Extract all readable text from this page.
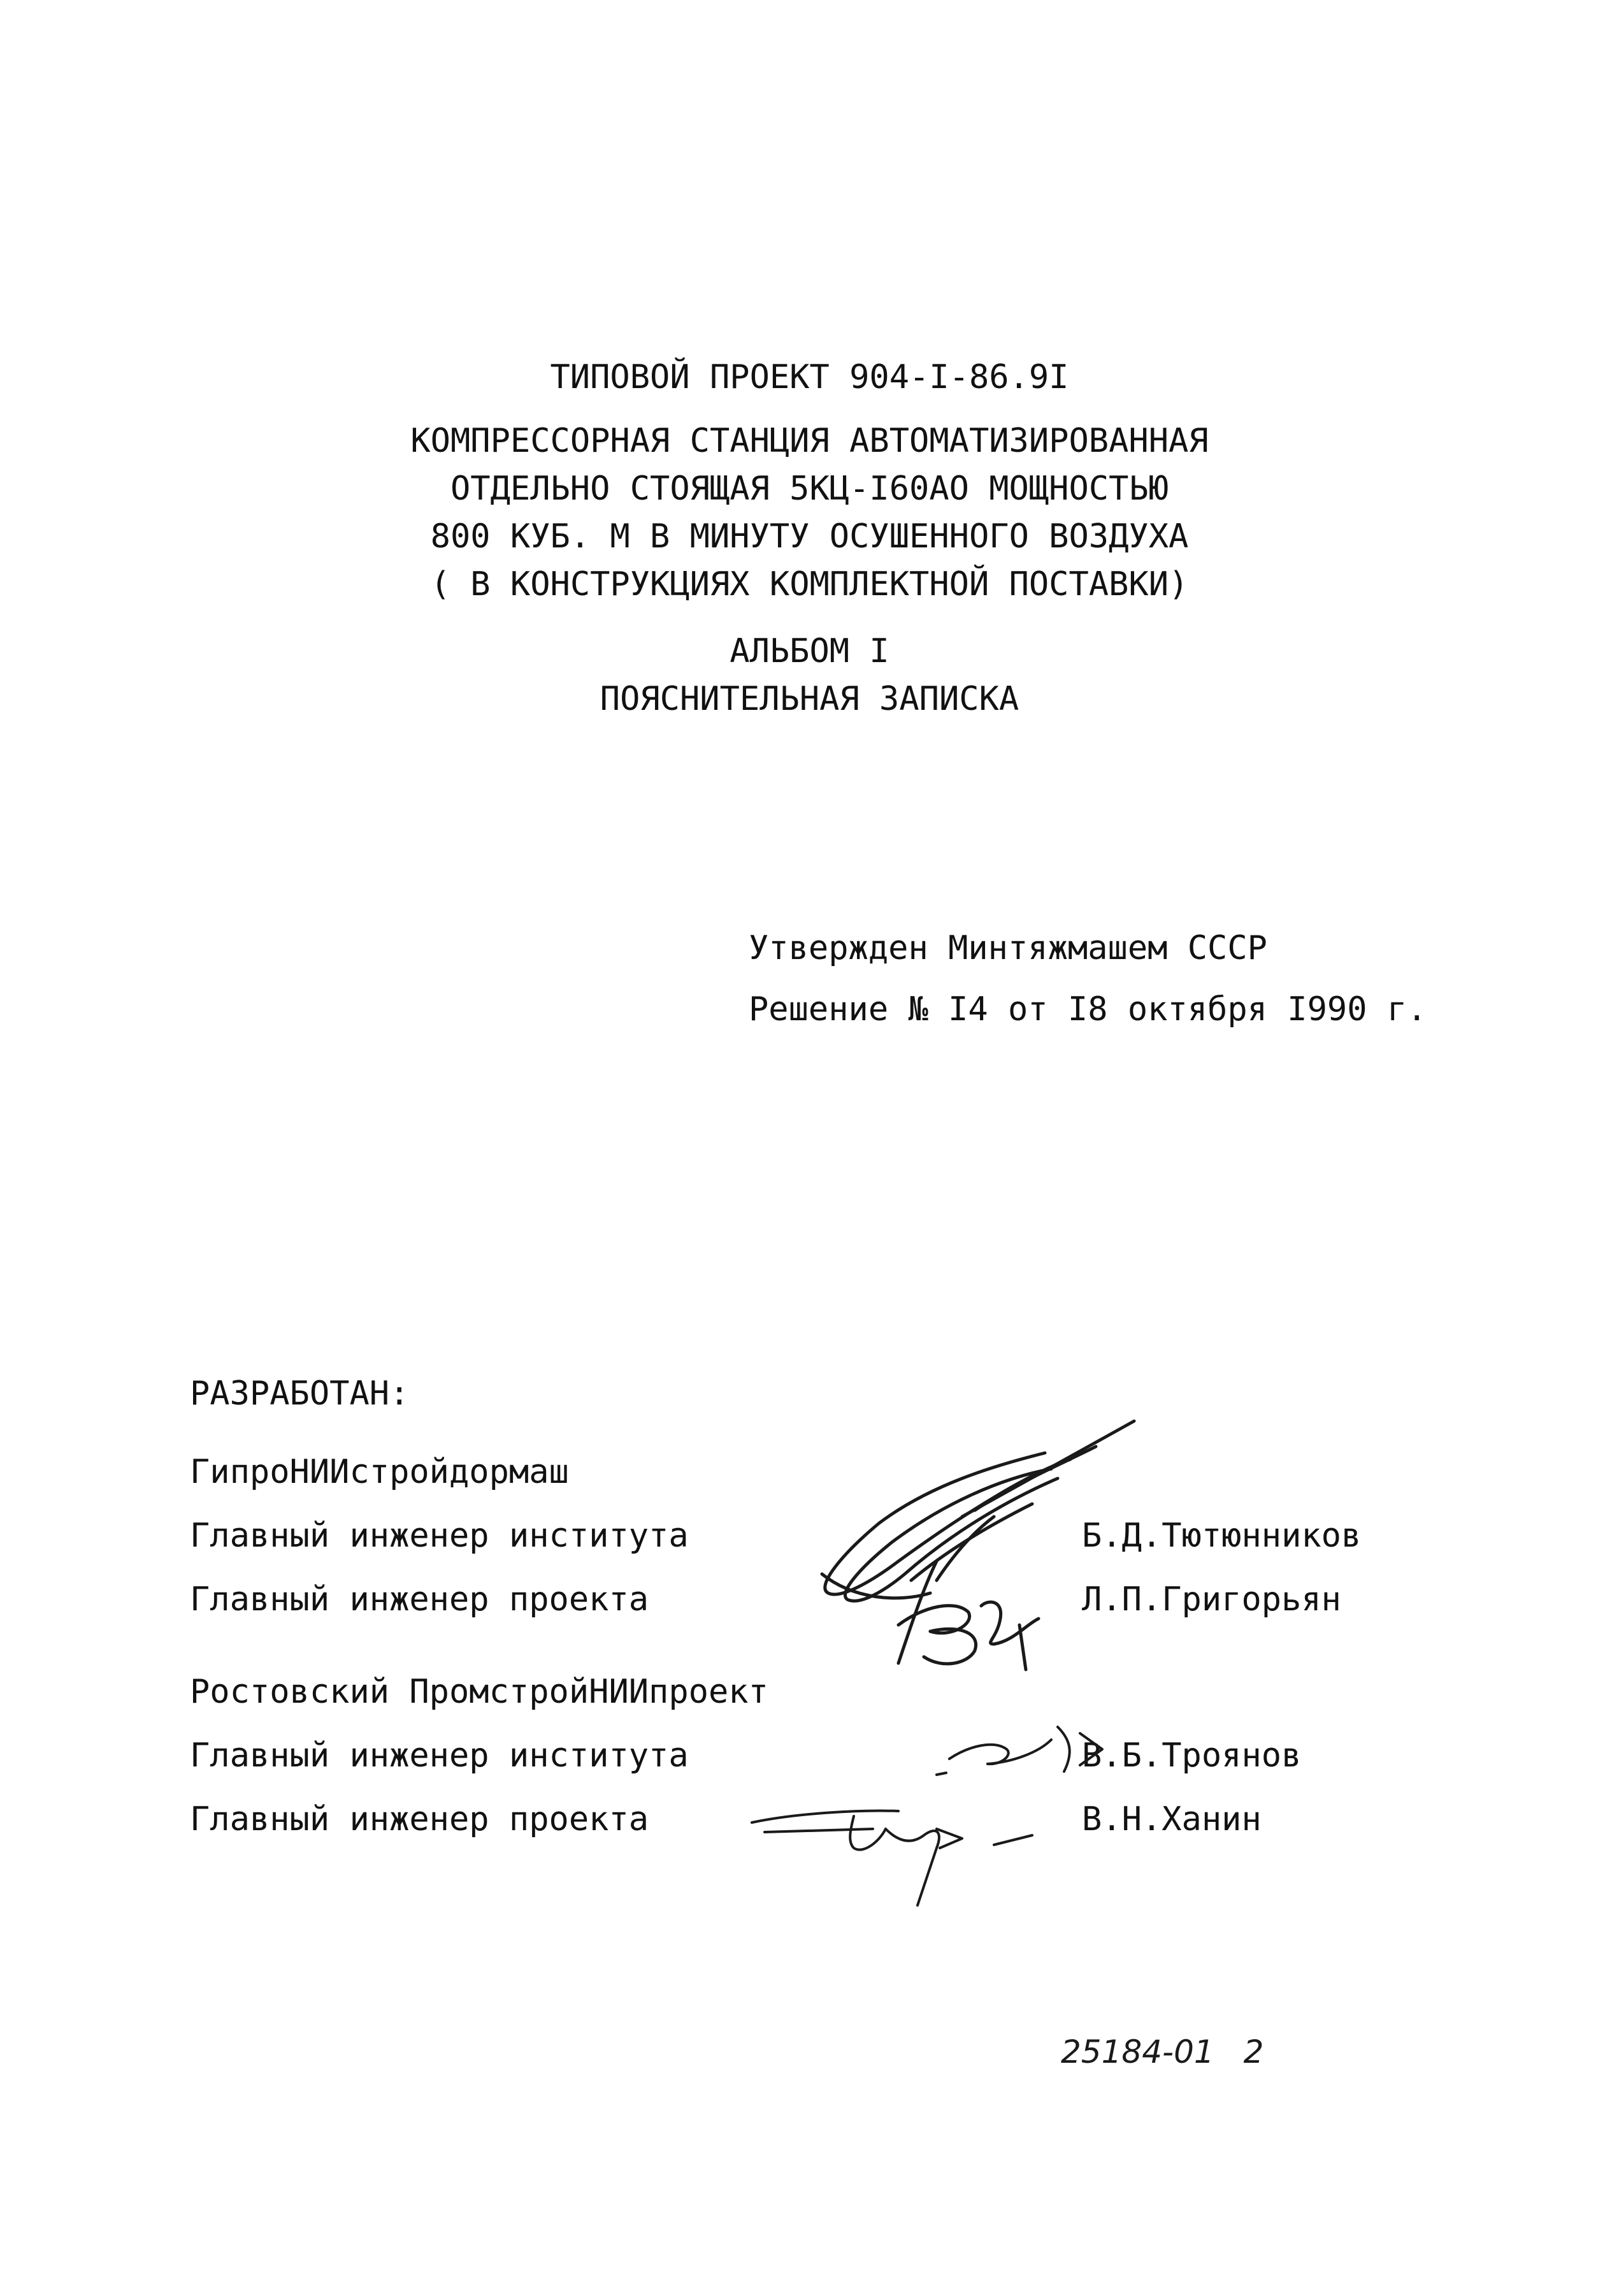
ТИПОВОЙ ПРОЕКТ 904-I-86.9I
КОМПРЕССОРНАЯ СТАНЦИЯ АВТОМАТИЗИРОВАННАЯ
ОТДЕЛЬНО СТОЯЩАЯ 5КЦ-I60АО МОЩНОСТЬЮ
800 КУБ. М В МИНУТУ ОСУШЕННОГО ВОЗДУХА
( В КОНСТРУКЦИЯХ КОМПЛЕКТНОЙ ПОСТАВКИ)
АЛЬБОМ I
ПОЯСНИТЕЛЬНАЯ ЗАПИСКА
Утвержден Минтяжмашем СССР
Решение № I4 от I8 октября I990 г.
РАЗРАБОТАН:
ГипроНИИстройдормаш
Главный инженер института	Б.Д.Тютюнников
Главный инженер проекта	Л.П.Григорьян
Ростовский ПромстройНИИпроект
Главный инженер института	В.Б.Троянов
Главный инженер проекта	В.Н.Ханин
25184-01 2
